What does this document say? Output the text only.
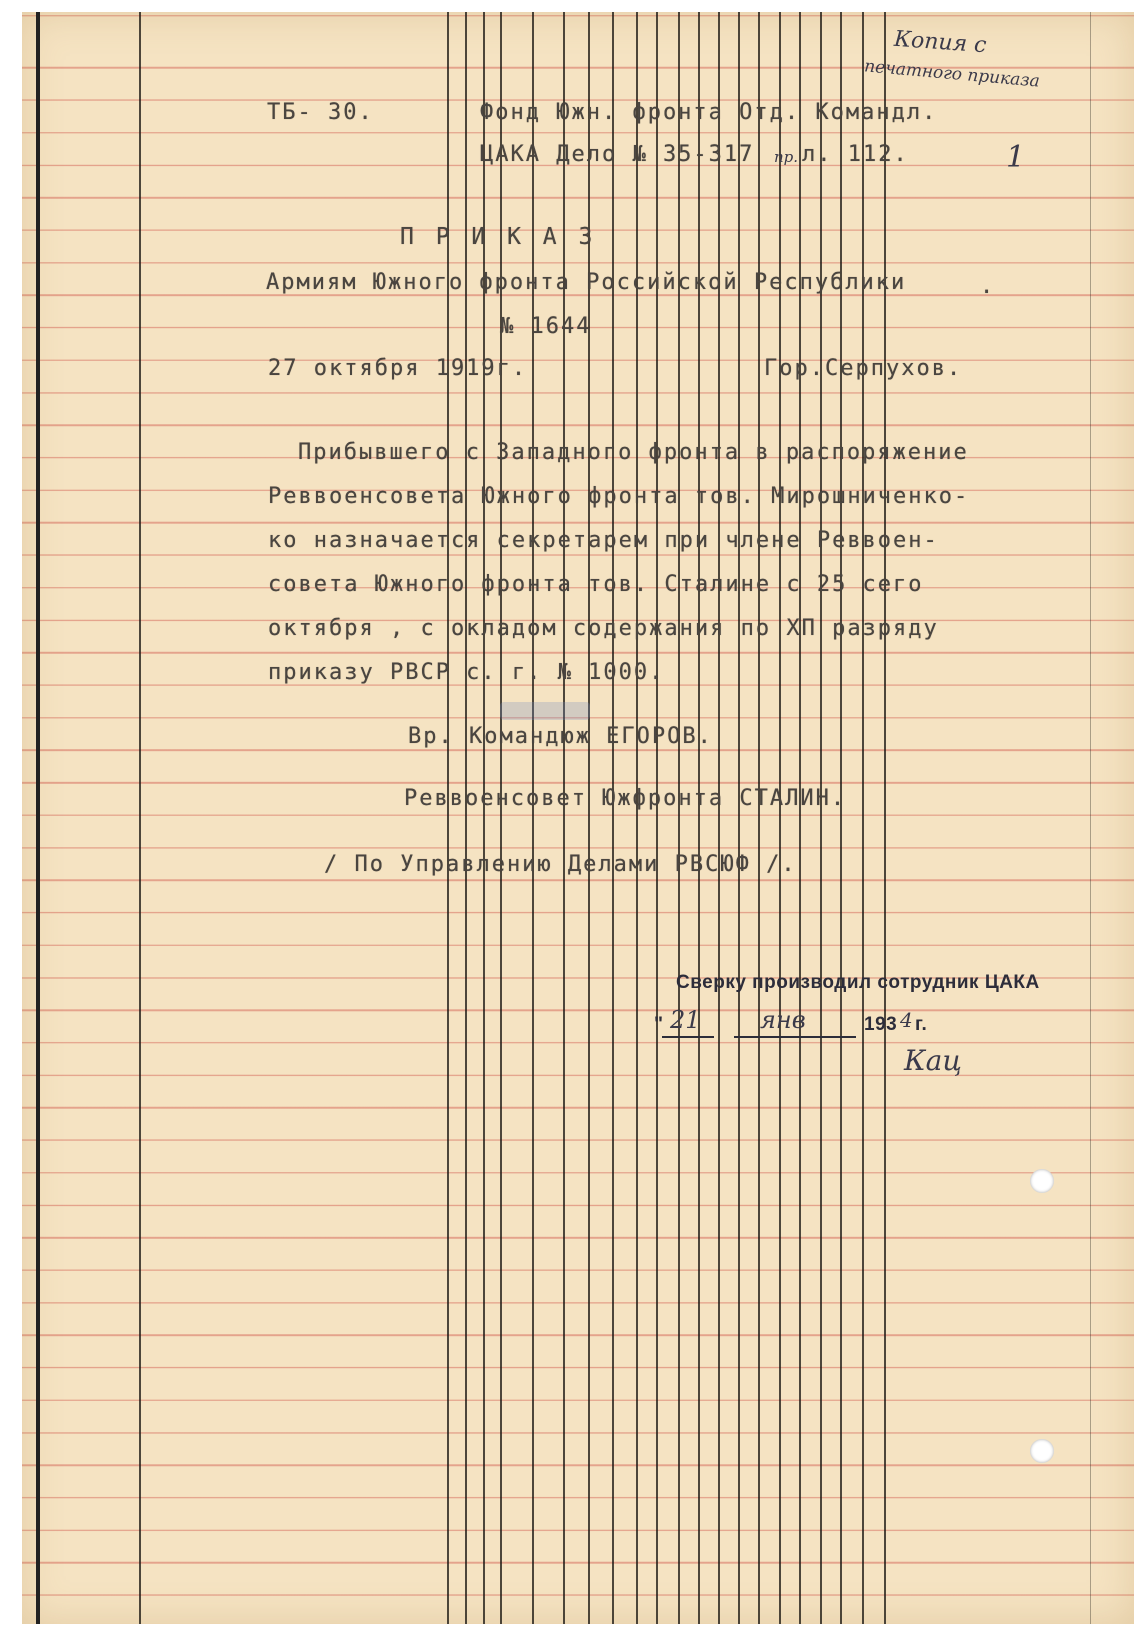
Копия с
печатного приказа
ТБ- 30.	Фонд Южн. фронта Отд. Командл.
ЦАКА Дело № 35-317 пр. л. 112.	1
П Р И К А З
Армиям Южного фронта Российской Республики	.
№ 1644
27 октября 1919г.	Гор.Серпухов.
Прибывшего с Западного фронта в распоряжение
Реввоенсовета Южного фронта тов. Мирошниченко-
ко назначается секретарем при члене Реввоен-
совета Южного фронта тов. Сталине с 25 сего
октября , с окладом содержания по ХП разряду
приказу РВСР с. г. № 1000.
Вр. Командюж ЕГОРОВ.
Реввоенсовет Южфронта СТАЛИН.
/ По Управлению Делами РВСЮФ /.
Сверку производил сотрудник ЦАКА
" 21 янв	193 4 г.
Кац
